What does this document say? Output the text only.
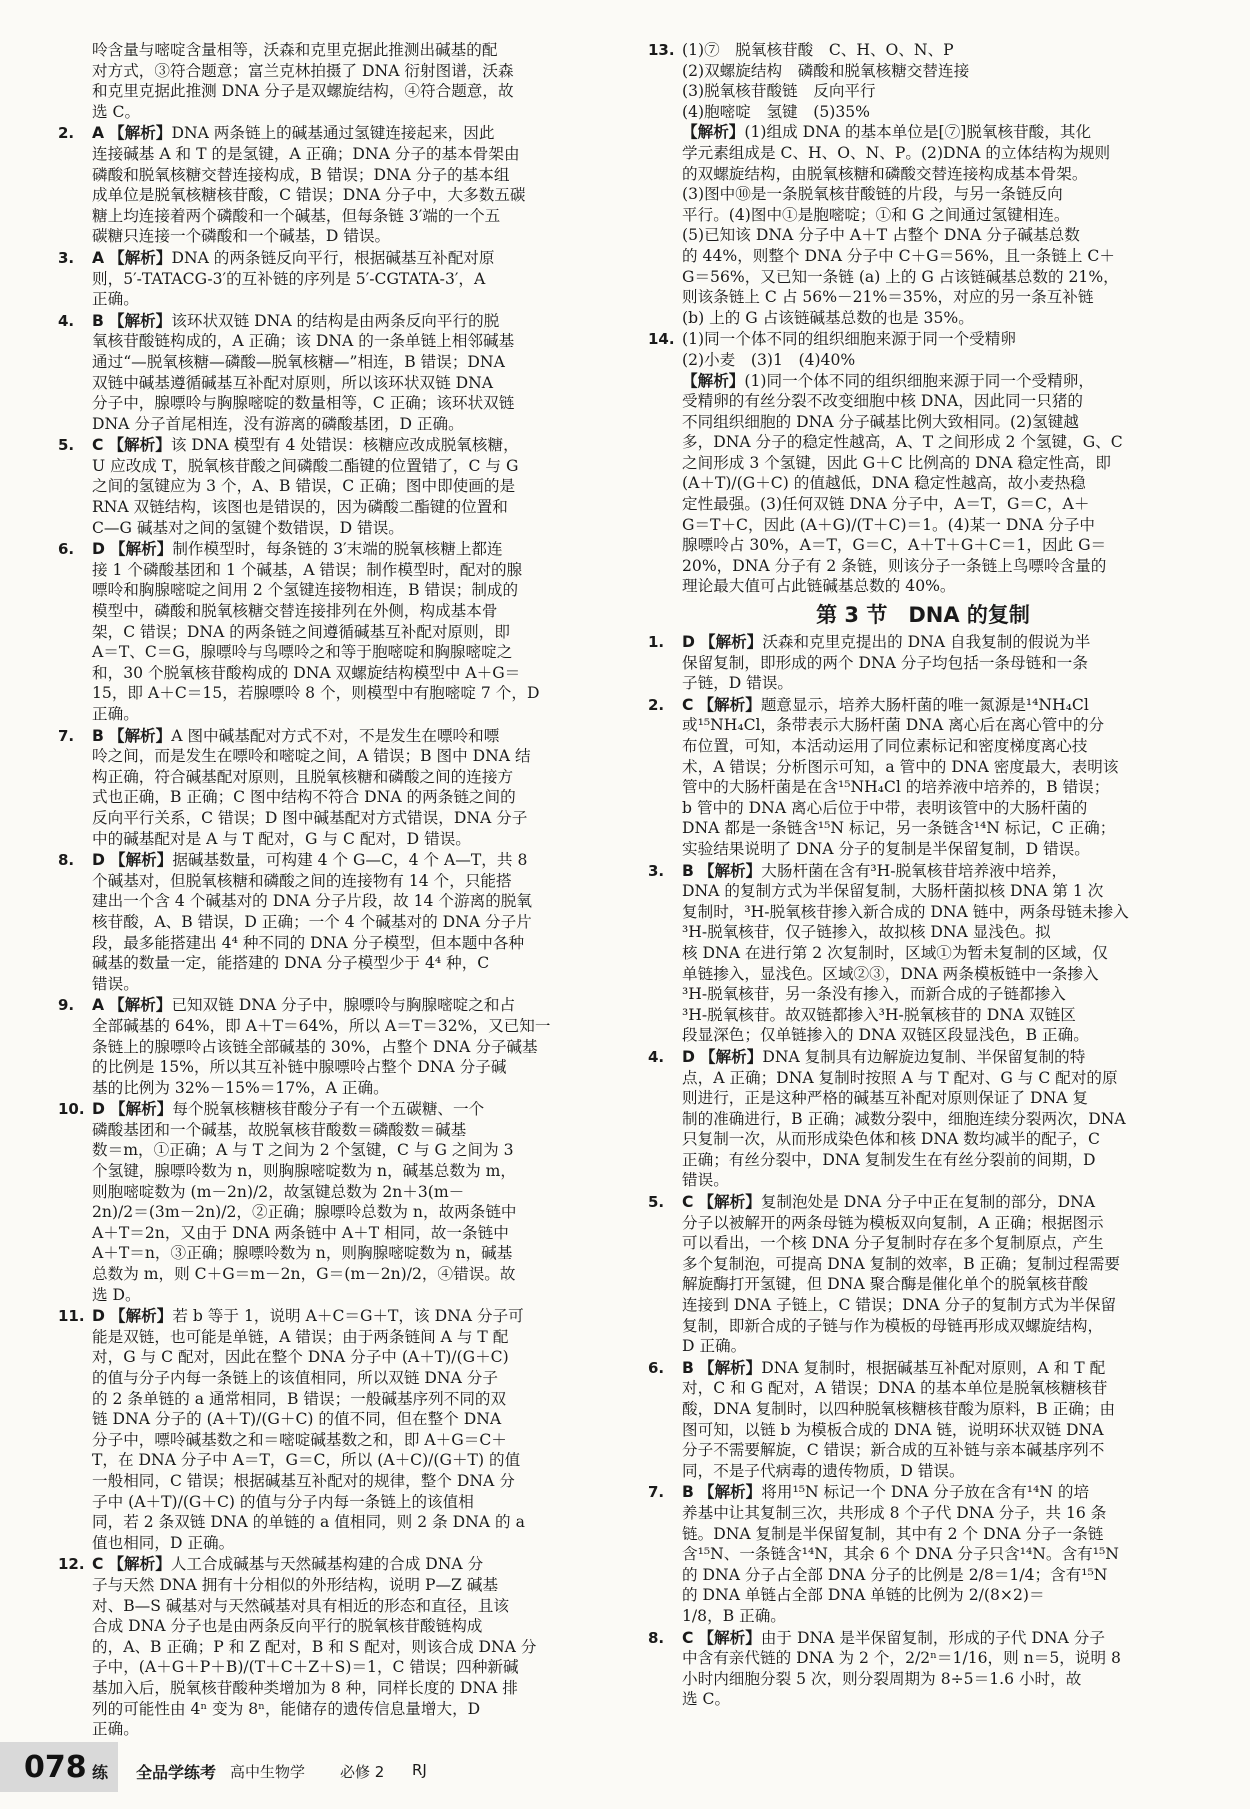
呤含量与嘧啶含量相等，沃森和克里克据此推测出碱基的配
对方式，③符合题意；富兰克林拍摄了 DNA 衍射图谱，沃森
和克里克据此推测 DNA 分子是双螺旋结构，④符合题意，故
选 C。
2.	A 【解析】DNA 两条链上的碱基通过氢键连接起来，因此
连接碱基 A 和 T 的是氢键，A 正确；DNA 分子的基本骨架由
磷酸和脱氧核糖交替连接构成，B 错误；DNA 分子的基本组
成单位是脱氧核糖核苷酸，C 错误；DNA 分子中，大多数五碳
糖上均连接着两个磷酸和一个碱基，但每条链 3′端的一个五
碳糖只连接一个磷酸和一个碱基，D 错误。
3.	A 【解析】DNA 的两条链反向平行，根据碱基互补配对原
则，5′-TATACG-3′的互补链的序列是 5′-CGTATA-3′，A
正确。
4.	B 【解析】该环状双链 DNA 的结构是由两条反向平行的脱
氧核苷酸链构成的，A 正确；该 DNA 的一条单链上相邻碱基
通过“—脱氧核糖—磷酸—脱氧核糖—”相连，B 错误；DNA
双链中碱基遵循碱基互补配对原则，所以该环状双链 DNA
分子中，腺嘌呤与胸腺嘧啶的数量相等，C 正确；该环状双链
DNA 分子首尾相连，没有游离的磷酸基团，D 正确。
5.	C 【解析】该 DNA 模型有 4 处错误：核糖应改成脱氧核糖，
U 应改成 T，脱氧核苷酸之间磷酸二酯键的位置错了，C 与 G
之间的氢键应为 3 个，A、B 错误，C 正确；图中即使画的是
RNA 双链结构，该图也是错误的，因为磷酸二酯键的位置和
C—G 碱基对之间的氢键个数错误，D 错误。
6.	D 【解析】制作模型时，每条链的 3′末端的脱氧核糖上都连
接 1 个磷酸基团和 1 个碱基，A 错误；制作模型时，配对的腺
嘌呤和胸腺嘧啶之间用 2 个氢键连接物相连，B 错误；制成的
模型中，磷酸和脱氧核糖交替连接排列在外侧，构成基本骨
架，C 错误；DNA 的两条链之间遵循碱基互补配对原则，即
A＝T、C＝G，腺嘌呤与鸟嘌呤之和等于胞嘧啶和胸腺嘧啶之
和，30 个脱氧核苷酸构成的 DNA 双螺旋结构模型中 A＋G＝
15，即 A＋C＝15，若腺嘌呤 8 个，则模型中有胞嘧啶 7 个，D
正确。
7.	B 【解析】A 图中碱基配对方式不对，不是发生在嘌呤和嘌
呤之间，而是发生在嘌呤和嘧啶之间，A 错误；B 图中 DNA 结
构正确，符合碱基配对原则，且脱氧核糖和磷酸之间的连接方
式也正确，B 正确；C 图中结构不符合 DNA 的两条链之间的
反向平行关系，C 错误；D 图中碱基配对方式错误，DNA 分子
中的碱基配对是 A 与 T 配对，G 与 C 配对，D 错误。
8.	D 【解析】据碱基数量，可构建 4 个 G—C，4 个 A—T，共 8
个碱基对，但脱氧核糖和磷酸之间的连接物有 14 个，只能搭
建出一个含 4 个碱基对的 DNA 分子片段，故 14 个游离的脱氧
核苷酸，A、B 错误，D 正确；一个 4 个碱基对的 DNA 分子片
段，最多能搭建出 4⁴ 种不同的 DNA 分子模型，但本题中各种
碱基的数量一定，能搭建的 DNA 分子模型少于 4⁴ 种，C
错误。
9.	A 【解析】已知双链 DNA 分子中，腺嘌呤与胸腺嘧啶之和占
全部碱基的 64%，即 A＋T＝64%，所以 A＝T＝32%，又已知一
条链上的腺嘌呤占该链全部碱基的 30%，占整个 DNA 分子碱基
的比例是 15%，所以其互补链中腺嘌呤占整个 DNA 分子碱
基的比例为 32%－15%＝17%，A 正确。
10. D 【解析】每个脱氧核糖核苷酸分子有一个五碳糖、一个
磷酸基团和一个碱基，故脱氧核苷酸数＝磷酸数＝碱基
数＝m，①正确；A 与 T 之间为 2 个氢键，C 与 G 之间为 3
个氢键，腺嘌呤数为 n，则胸腺嘧啶数为 n，碱基总数为 m，
则胞嘧啶数为 (m－2n)/2，故氢键总数为 2n＋3(m－
2n)/2＝(3m－2n)/2，②正确；腺嘌呤总数为 n，故两条链中
A＋T＝2n，又由于 DNA 两条链中 A＋T 相同，故一条链中
A＋T＝n，③正确；腺嘌呤数为 n，则胸腺嘧啶数为 n，碱基
总数为 m，则 C＋G＝m－2n，G＝(m－2n)/2，④错误。故
选 D。
11. D 【解析】若 b 等于 1，说明 A＋C＝G＋T，该 DNA 分子可
能是双链，也可能是单链，A 错误；由于两条链间 A 与 T 配
对，G 与 C 配对，因此在整个 DNA 分子中 (A＋T)/(G＋C)
的值与分子内每一条链上的该值相同，所以双链 DNA 分子
的 2 条单链的 a 通常相同，B 错误；一般碱基序列不同的双
链 DNA 分子的 (A＋T)/(G＋C) 的值不同，但在整个 DNA
分子中，嘌呤碱基数之和＝嘧啶碱基数之和，即 A＋G＝C＋
T，在 DNA 分子中 A＝T，G＝C，所以 (A＋C)/(G＋T) 的值
一般相同，C 错误；根据碱基互补配对的规律，整个 DNA 分
子中 (A＋T)/(G＋C) 的值与分子内每一条链上的该值相
同，若 2 条双链 DNA 的单链的 a 值相同，则 2 条 DNA 的 a
值也相同，D 正确。
12. C 【解析】人工合成碱基与天然碱基构建的合成 DNA 分
子与天然 DNA 拥有十分相似的外形结构，说明 P—Z 碱基
对、B—S 碱基对与天然碱基对具有相近的形态和直径，且该
合成 DNA 分子也是由两条反向平行的脱氧核苷酸链构成
的，A、B 正确；P 和 Z 配对，B 和 S 配对，则该合成 DNA 分
子中，(A＋G＋P＋B)/(T＋C＋Z＋S)＝1，C 错误；四种新碱
基加入后，脱氧核苷酸种类增加为 8 种，同样长度的 DNA 排
列的可能性由 4ⁿ 变为 8ⁿ，能储存的遗传信息量增大，D
正确。
13. (1)⑦　脱氧核苷酸　C、H、O、N、P
(2)双螺旋结构　磷酸和脱氧核糖交替连接
(3)脱氧核苷酸链　反向平行
(4)胞嘧啶　氢键　(5)35%
【解析】(1)组成 DNA 的基本单位是[⑦]脱氧核苷酸，其化
学元素组成是 C、H、O、N、P。(2)DNA 的立体结构为规则
的双螺旋结构，由脱氧核糖和磷酸交替连接构成基本骨架。
(3)图中⑩是一条脱氧核苷酸链的片段，与另一条链反向
平行。(4)图中①是胞嘧啶；①和 G 之间通过氢键相连。
(5)已知该 DNA 分子中 A＋T 占整个 DNA 分子碱基总数
的 44%，则整个 DNA 分子中 C＋G＝56%，且一条链上 C＋
G＝56%，又已知一条链 (a) 上的 G 占该链碱基总数的 21%，
则该条链上 C 占 56%－21%＝35%，对应的另一条互补链
(b) 上的 G 占该链碱基总数的也是 35%。
14. (1)同一个体不同的组织细胞来源于同一个受精卵
(2)小麦　(3)1　(4)40%
【解析】(1)同一个体不同的组织细胞来源于同一个受精卵，
受精卵的有丝分裂不改变细胞中核 DNA，因此同一只猪的
不同组织细胞的 DNA 分子碱基比例大致相同。(2)氢键越
多，DNA 分子的稳定性越高，A、T 之间形成 2 个氢键，G、C
之间形成 3 个氢键，因此 G＋C 比例高的 DNA 稳定性高，即
(A＋T)/(G＋C) 的值越低，DNA 稳定性越高，故小麦热稳
定性最强。(3)任何双链 DNA 分子中，A＝T，G＝C，A＋
G＝T＋C，因此 (A＋G)/(T＋C)＝1。(4)某一 DNA 分子中
腺嘌呤占 30%，A＝T，G＝C，A＋T＋G＋C＝1，因此 G＝
20%，DNA 分子有 2 条链，则该分子一条链上鸟嘌呤含量的
理论最大值可占此链碱基总数的 40%。
第 3 节　DNA 的复制
1.	D 【解析】沃森和克里克提出的 DNA 自我复制的假说为半
保留复制，即形成的两个 DNA 分子均包括一条母链和一条
子链，D 错误。
2.	C 【解析】题意显示，培养大肠杆菌的唯一氮源是¹⁴NH₄Cl
或¹⁵NH₄Cl，条带表示大肠杆菌 DNA 离心后在离心管中的分
布位置，可知，本活动运用了同位素标记和密度梯度离心技
术，A 错误；分析图示可知，a 管中的 DNA 密度最大，表明该
管中的大肠杆菌是在含¹⁵NH₄Cl 的培养液中培养的，B 错误；
b 管中的 DNA 离心后位于中带，表明该管中的大肠杆菌的
DNA 都是一条链含¹⁵N 标记，另一条链含¹⁴N 标记，C 正确；
实验结果说明了 DNA 分子的复制是半保留复制，D 错误。
3.	B 【解析】大肠杆菌在含有³H-脱氧核苷培养液中培养，
DNA 的复制方式为半保留复制，大肠杆菌拟核 DNA 第 1 次
复制时，³H-脱氧核苷掺入新合成的 DNA 链中，两条母链未掺入
³H-脱氧核苷，仅子链掺入，故拟核 DNA 显浅色。拟
核 DNA 在进行第 2 次复制时，区域①为暂未复制的区域，仅
单链掺入，显浅色。区域②③，DNA 两条模板链中一条掺入
³H-脱氧核苷，另一条没有掺入，而新合成的子链都掺入
³H-脱氧核苷。故双链都掺入³H-脱氧核苷的 DNA 双链区
段显深色；仅单链掺入的 DNA 双链区段显浅色，B 正确。
4.	D 【解析】DNA 复制具有边解旋边复制、半保留复制的特
点，A 正确；DNA 复制时按照 A 与 T 配对、G 与 C 配对的原
则进行，正是这种严格的碱基互补配对原则保证了 DNA 复
制的准确进行，B 正确；减数分裂中，细胞连续分裂两次，DNA
只复制一次，从而形成染色体和核 DNA 数均减半的配子，C
正确；有丝分裂中，DNA 复制发生在有丝分裂前的间期，D
错误。
5.	C 【解析】复制泡处是 DNA 分子中正在复制的部分，DNA
分子以被解开的两条母链为模板双向复制，A 正确；根据图示
可以看出，一个核 DNA 分子复制时存在多个复制原点，产生
多个复制泡，可提高 DNA 复制的效率，B 正确；复制过程需要
解旋酶打开氢键，但 DNA 聚合酶是催化单个的脱氧核苷酸
连接到 DNA 子链上，C 错误；DNA 分子的复制方式为半保留
复制，即新合成的子链与作为模板的母链再形成双螺旋结构，
D 正确。
6.	B 【解析】DNA 复制时，根据碱基互补配对原则，A 和 T 配
对，C 和 G 配对，A 错误；DNA 的基本单位是脱氧核糖核苷
酸，DNA 复制时，以四种脱氧核糖核苷酸为原料，B 正确；由
图可知，以链 b 为模板合成的 DNA 链，说明环状双链 DNA
分子不需要解旋，C 错误；新合成的互补链与亲本碱基序列不
同，不是子代病毒的遗传物质，D 错误。
7.	B 【解析】将用¹⁵N 标记一个 DNA 分子放在含有¹⁴N 的培
养基中让其复制三次，共形成 8 个子代 DNA 分子，共 16 条
链。DNA 复制是半保留复制，其中有 2 个 DNA 分子一条链
含¹⁵N、一条链含¹⁴N，其余 6 个 DNA 分子只含¹⁴N。含有¹⁵N
的 DNA 分子占全部 DNA 分子的比例是 2/8＝1/4；含有¹⁵N
的 DNA 单链占全部 DNA 单链的比例为 2/(8×2)＝
1/8，B 正确。
8.	C 【解析】由于 DNA 是半保留复制，形成的子代 DNA 分子
中含有亲代链的 DNA 为 2 个，2/2ⁿ＝1/16，则 n＝5，说明 8
小时内细胞分裂 5 次，则分裂周期为 8÷5＝1.6 小时，故
选 C。
078 练 全品学练考 高中生物学 必修 2 RJ
